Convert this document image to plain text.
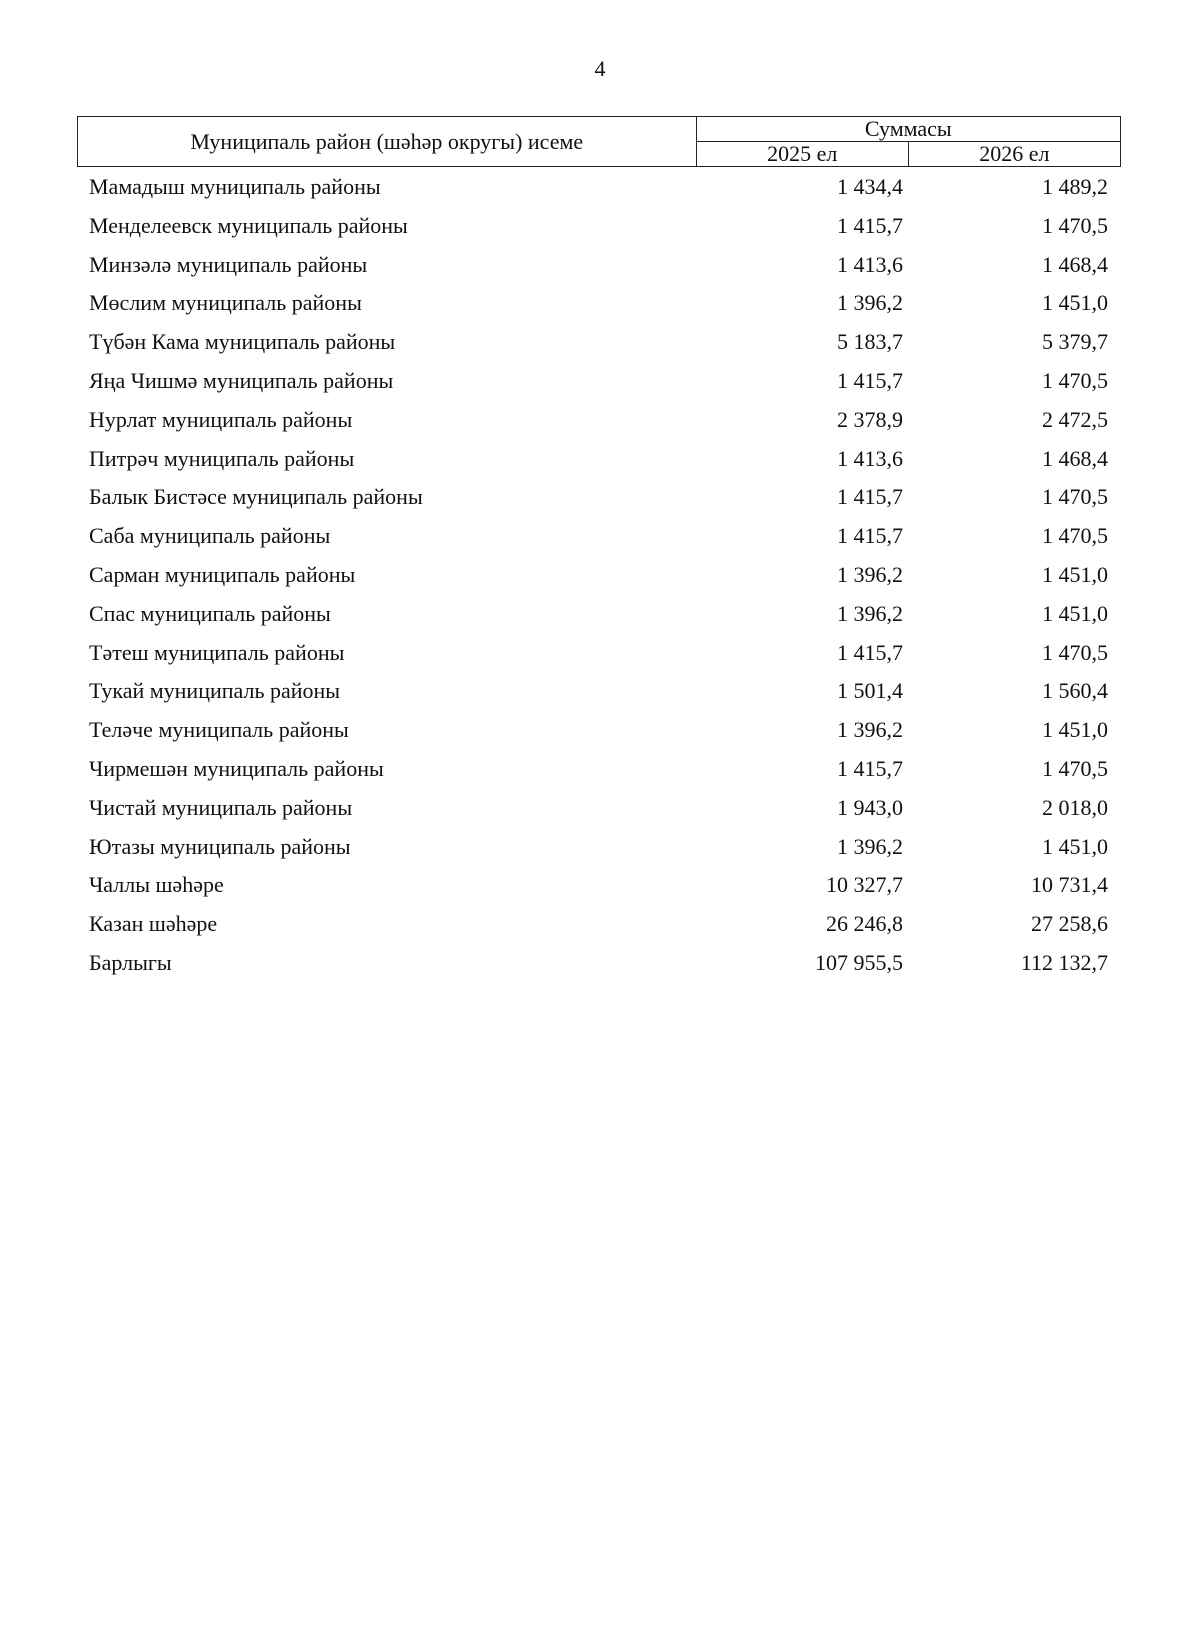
4
Муниципаль район (шәһәр округы) исеме	Суммасы	
	2025 ел	2026 ел
Мамадыш муниципаль районы	1 434,4	1 489,2
Менделеевск муниципаль районы	1 415,7	1 470,5
Минзәлә муниципаль районы	1 413,6	1 468,4
Мөслим муниципаль районы	1 396,2	1 451,0
Түбән Кама муниципаль районы	5 183,7	5 379,7
Яңа Чишмә муниципаль районы	1 415,7	1 470,5
Нурлат муниципаль районы	2 378,9	2 472,5
Питрәч муниципаль районы	1 413,6	1 468,4
Балык Бистәсе муниципаль районы	1 415,7	1 470,5
Саба муниципаль районы	1 415,7	1 470,5
Сарман муниципаль районы	1 396,2	1 451,0
Спас муниципаль районы	1 396,2	1 451,0
Тәтеш муниципаль районы	1 415,7	1 470,5
Тукай муниципаль районы	1 501,4	1 560,4
Теләче муниципаль районы	1 396,2	1 451,0
Чирмешән муниципаль районы	1 415,7	1 470,5
Чистай муниципаль районы	1 943,0	2 018,0
Ютазы муниципаль районы	1 396,2	1 451,0
Чаллы шәһәре	10 327,7	10 731,4
Казан шәһәре	26 246,8	27 258,6
Барлыгы	107 955,5	112 132,7
